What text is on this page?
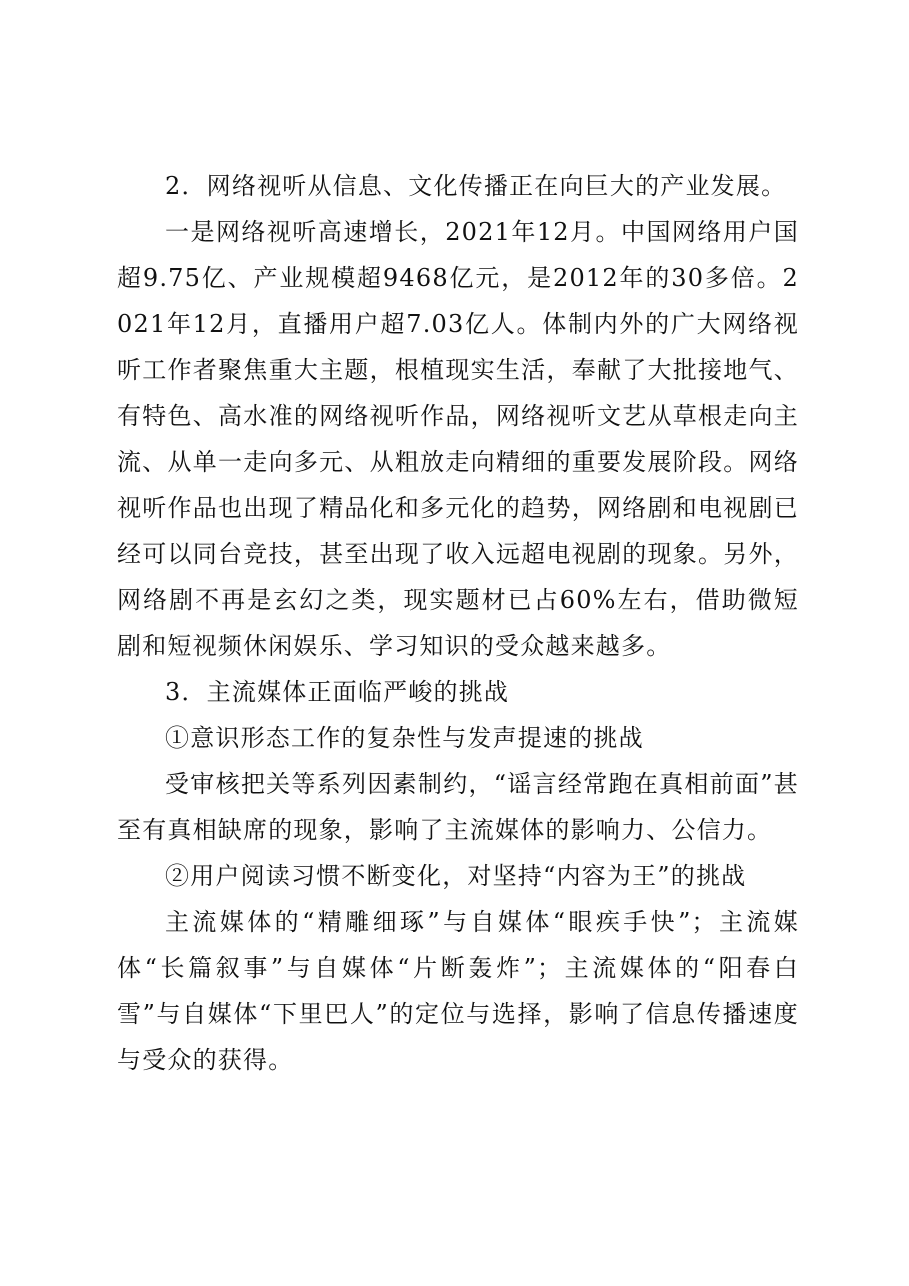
2．网络视听从信息、文化传播正在向巨大的产业发展。

一是网络视听高速增长，2021年12月。中国网络用户国超9.75亿、产业规模超9468亿元，是2012年的30多倍。2021年12月，直播用户超7.03亿人。体制内外的广大网络视听工作者聚焦重大主题，根植现实生活，奉献了大批接地气、有特色、高水准的网络视听作品，网络视听文艺从草根走向主流、从单一走向多元、从粗放走向精细的重要发展阶段。网络视听作品也出现了精品化和多元化的趋势，网络剧和电视剧已经可以同台竞技，甚至出现了收入远超电视剧的现象。另外，网络剧不再是玄幻之类，现实题材已占60%左右，借助微短剧和短视频休闲娱乐、学习知识的受众越来越多。

3．主流媒体正面临严峻的挑战

①意识形态工作的复杂性与发声提速的挑战

受审核把关等系列因素制约，“谣言经常跑在真相前面”甚至有真相缺席的现象，影响了主流媒体的影响力、公信力。

②用户阅读习惯不断变化，对坚持“内容为王”的挑战

主流媒体的“精雕细琢”与自媒体“眼疾手快”；主流媒体“长篇叙事”与自媒体“片断轰炸”；主流媒体的“阳春白雪”与自媒体“下里巴人”的定位与选择，影响了信息传播速度与受众的获得。
